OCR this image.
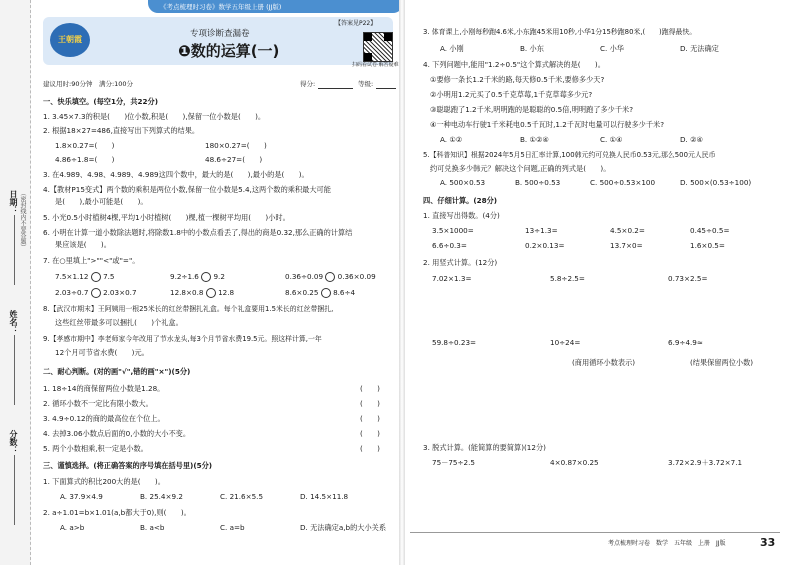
日期： （密封线内不要答题）
姓名：
分数：
《考点梳理时习卷》数学五年级上册 (JJ版)
王朝霞
【答案见P22】
专项诊断查漏卷
❶数的运算(一)
扫码看试卷·解答疑难
建议用时:90分钟　满分:100分	得分:	等级:
一、快乐填空。(每空1分，共22分)
1. 3.45×7.3的积是(　　)位小数,积是(　　),保留一位小数是(　　)。
2. 根据18×27=486,直接写出下列算式的结果。
1.8×0.27=(　　)	180×0.27=(　　)
4.86÷1.8=(　　)	48.6÷27=(　　)
3. 在4.989、4.98、4.989、4.989这四个数中，最大的是(　　),最小的是(　　)。
4.【教材P15变式】两个数的乘积是两位小数,保留一位小数是5.4,这两个数的乘积最大可能
是(　　),最小可能是(　　)。
5. 小光0.5小时植树4棵,平均1小时植树(　　)棵,植一棵树平均用(　　)小时。
6. 小明在计算一道小数除法题时,将除数1.8中的小数点看丢了,得出的商是0.32,那么正确的计算结
果应该是(　　)。
7. 在○里填上">""<"或"="。
7.5×1.12 7.5	9.2÷1.6 9.2	0.36÷0.09 0.36×0.09
2.03÷0.7 2.03×0.7	12.8×0.8 12.8	8.6×0.25 8.6÷4
8.【武汉市期末】王阿姨用一根25米长的红丝带捆扎礼盒。每个礼盒要用1.5米长的红丝带捆扎,
这些红丝带最多可以捆扎(　　)个礼盒。
9.【孝感市期中】李老师家今年改用了节水龙头,每3个月节省水费19.5元。照这样计算,一年
12个月可节省水费(　　)元。
二、耐心判断。(对的画"√",错的画"×")(5分)
1. 18÷14的商保留两位小数是1.28。	(　　)
2. 循环小数不一定比有限小数大。	(　　)
3. 4.9÷0.12的商的最高位在个位上。	(　　)
4. 去掉3.06小数点后面的0,小数的大小不变。	(　　)
5. 两个小数相乘,积一定是小数。	(　　)
三、谨慎选择。(将正确答案的序号填在括号里)(5分)
1. 下面算式的积比200大的是(　　)。
A. 37.9×4.9	B. 25.4×9.2	C. 21.6×5.5	D. 14.5×11.8
2. a÷1.01=b×1.01(a,b都大于0),则(　　)。
A. a>b	B. a<b	C. a=b	D. 无法确定a,b的大小关系
3. 体育课上,小刚每秒跑4.6米,小东跑45米用10秒,小华1分15秒跑80米,(　　)跑得最快。
A. 小刚	B. 小东	C. 小华	D. 无法确定
4. 下列问题中,能用"1.2÷0.5"这个算式解决的是(　　)。
①要修一条长1.2千米的路,每天修0.5千米,要修多少天?
②小明用1.2元买了0.5千克草莓,1千克草莓多少元?
③聪聪跑了1.2千米,明明跑的是聪聪的0.5倍,明明跑了多少千米?
④一种电动车行驶1千米耗电0.5千瓦时,1.2千瓦时电量可以行驶多少千米?
A. ①②	B. ①②④	C. ①④	D. ②④
5.【科普知识】根据2024年5月5日汇率计算,100韩元约可兑换人民币0.53元,那么500元人民币
约可兑换多少韩元？解决这个问题,正确的列式是(　　)。
A. 500×0.53	B. 500÷0.53	C. 500÷0.53×100	D. 500×(0.53÷100)
四、仔细计算。(28分)
1. 直接写出得数。(4分)
3.5×1000=	13÷1.3=	4.5×0.2=	0.45÷0.5=
6.6÷0.3=	0.2×0.13=	13.7×0=	1.6×0.5=
2. 用竖式计算。(12分)
7.02×1.3=	5.8÷2.5=	0.73×2.5=
59.8÷0.23=	10÷24=	6.9÷4.9≈
(商用循环小数表示)	(结果保留两位小数)
3. 脱式计算。(能简算的要简算)(12分)
75－75÷2.5	4×0.87×0.25	3.72×2.9＋3.72×7.1
考点梳理时习卷　数学　五年级　上册　JJ版	33
